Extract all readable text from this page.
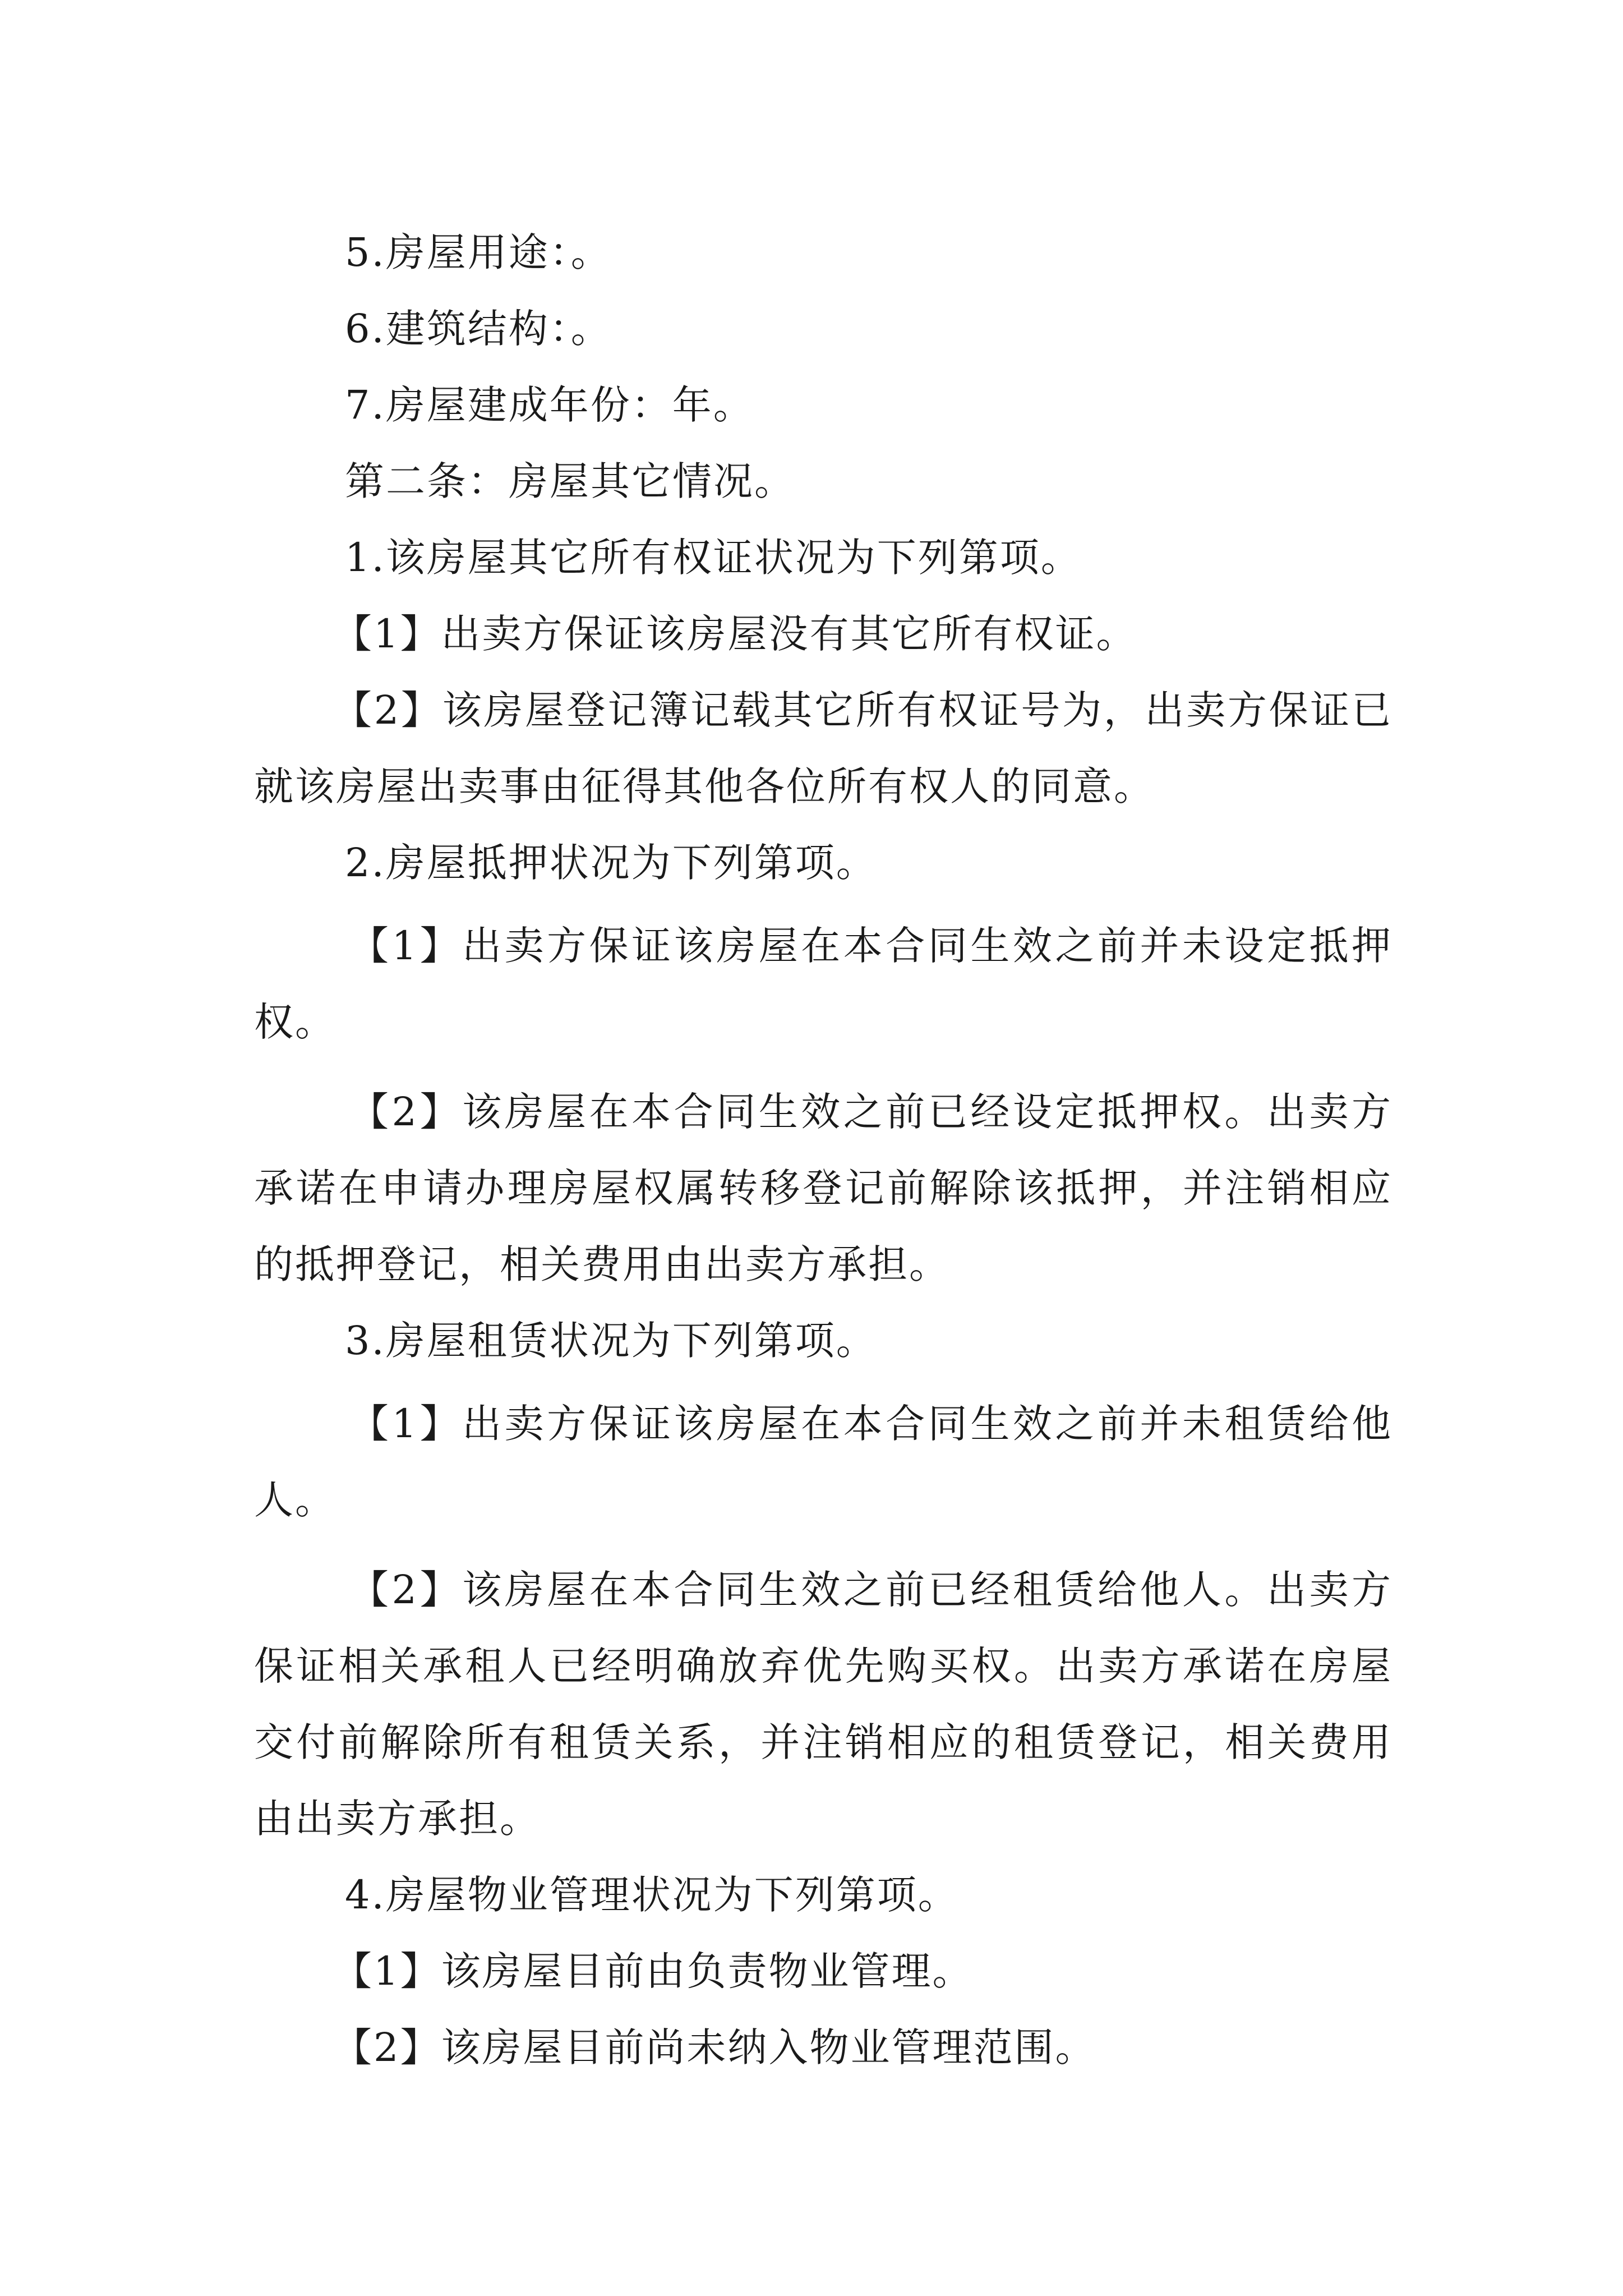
5.房屋用途：。

6.建筑结构：。

7.房屋建成年份：年。

第二条：房屋其它情况。

1.该房屋其它所有权证状况为下列第项。

【1】出卖方保证该房屋没有其它所有权证。

【2】该房屋登记簿记载其它所有权证号为，出卖方保证已就该房屋出卖事由征得其他各位所有权人的同意。

2.房屋抵押状况为下列第项。

【1】出卖方保证该房屋在本合同生效之前并未设定抵押权。

【2】该房屋在本合同生效之前已经设定抵押权。出卖方承诺在申请办理房屋权属转移登记前解除该抵押，并注销相应的抵押登记，相关费用由出卖方承担。

3.房屋租赁状况为下列第项。

【1】出卖方保证该房屋在本合同生效之前并未租赁给他人。

【2】该房屋在本合同生效之前已经租赁给他人。出卖方保证相关承租人已经明确放弃优先购买权。出卖方承诺在房屋交付前解除所有租赁关系，并注销相应的租赁登记，相关费用由出卖方承担。

4.房屋物业管理状况为下列第项。

【1】该房屋目前由负责物业管理。

【2】该房屋目前尚未纳入物业管理范围。
